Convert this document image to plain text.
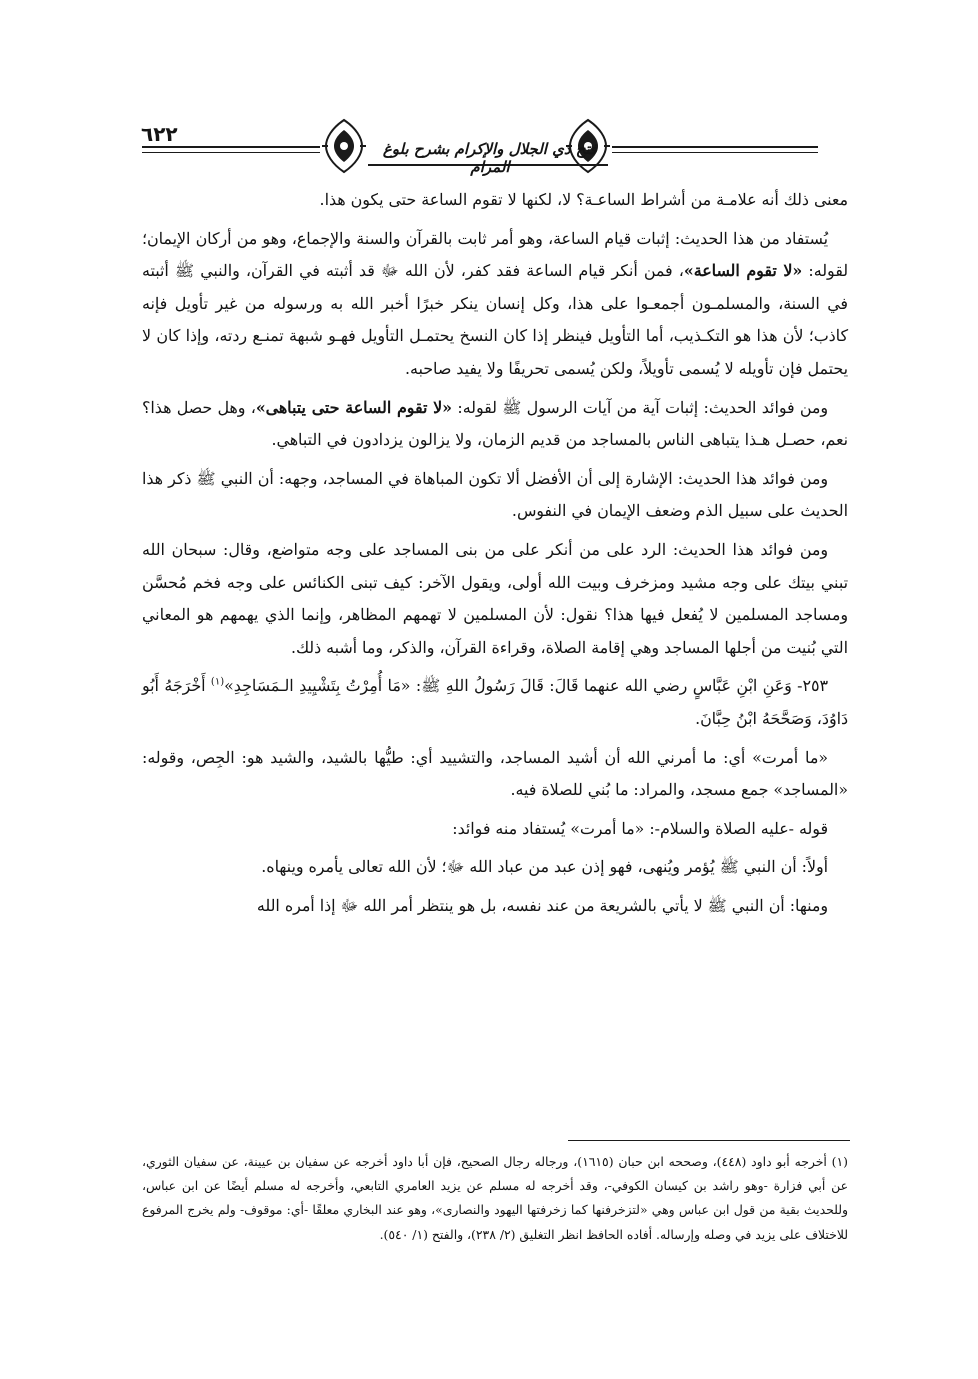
٦٢٢
فتح ذي الجلال والإكرام بشرح بلوغ المرام

معنى ذلك أنه علامـة من أشراط الساعـة؟ لا، لكنها لا تقوم الساعة حتى يكون هذا.

يُستفاد من هذا الحديث: إثبات قيام الساعة، وهو أمر ثابت بالقرآن والسنة والإجماع، وهو من أركان الإيمان؛ لقوله: «لا تقوم الساعة»، فمن أنكر قيام الساعة فقد كفر، لأن الله ﷻ قد أثبته في القرآن، والنبي ﷺ أثبته في السنة، والمسلمـون أجمعـوا على هذا، وكل إنسان ينكر خبرًا أخبر الله به ورسوله من غير تأويل فإنه كاذب؛ لأن هذا هو التكـذيب، أما التأويل فينظر إذا كان النسخ يحتمـل التأويل فهـو شبهة تمنـع ردته، وإذا كان لا يحتمل فإن تأويله لا يُسمى تأويلاً، ولكن يُسمى تحريفًا ولا يفيد صاحبه.

ومن فوائد الحديث: إثبات آية من آيات الرسول ﷺ لقوله: «لا تقوم الساعة حتى يتباهى»، وهل حصل هذا؟ نعم، حصـل هـذا يتباهى الناس بالمساجد من قديم الزمان، ولا يزالون يزدادون في التباهي.

ومن فوائد هذا الحديث: الإشارة إلى أن الأفضل ألا تكون المباهاة في المساجد، وجهه: أن النبي ﷺ ذكر هذا الحديث على سبيل الذم وضعف الإيمان في النفوس.

ومن فوائد هذا الحديث: الرد على من أنكر على من بنى المساجد على وجه متواضع، وقال: سبحان الله تبني بيتك على وجه مشيد ومزخرف وبيت الله أولى، ويقول الآخر: كيف تبنى الكنائس على وجه فخم مُحسَّن ومساجد المسلمين لا يُفعل فيها هذا؟ نقول: لأن المسلمين لا تهمهم المظاهر، وإنما الذي يهمهم هو المعاني التي بُنيت من أجلها المساجد وهي إقامة الصلاة، وقراءة القرآن، والذكر، وما أشبه ذلك.

٢٥٣- وَعَنِ ابْنِ عَبَّاسٍ رضي الله عنهما قَالَ: قَالَ رَسُولُ اللهِ ﷺ: «مَا أُمِرْتُ بِتَشْيِيدِ الـمَسَاجِدِ»$^{(١)}$ أَخْرَجَهُ أَبُو دَاوُدَ، وَصَحَّحَهُ ابْنُ حِبَّانَ.

«ما أمرت» أي: ما أمرني الله أن أشيد المساجد، والتشييد أي: طيُّها بالشيد، والشيد هو: الجِص، وقوله: «المساجد» جمع مسجد، والمراد: ما بُني للصلاة فيه.

قوله -عليه الصلاة والسلام-: «ما أمرت» يُستفاد منه فوائد:

أولاً: أن النبي ﷺ يُؤمر ويُنهى، فهو إذن عبد من عباد الله ﷻ؛ لأن الله تعالى يأمره وينهاه.

ومنها: أن النبي ﷺ لا يأتي بالشريعة من عند نفسه، بل هو ينتظر أمر الله ﷻ إذا أمره الله

(١) أخرجه أبو داود (٤٤٨)، وصححه ابن حبان (١٦١٥)، ورجاله رجال الصحيح، فإن أبا داود أخرجه عن سفيان بن عيينة، عن سفيان الثوري، عن أبي فزارة -وهو راشد بن كيسان الكوفي-، وقد أخرجه له مسلم عن يزيد العامري التابعي، وأخرجه له مسلم أيضًا عن ابن عباس، وللحديث بقية من قول ابن عباس وهي «لتزخرفنها كما زخرفتها اليهود والنصارى»، وهو عند البخاري معلقًا -أي: موقوف- ولم يخرج المرفوع للاختلاف على يزيد في وصله وإرساله. أفاده الحافظ انظر التغليق (٢/ ٢٣٨)، والفتح (١/ ٥٤٠).
